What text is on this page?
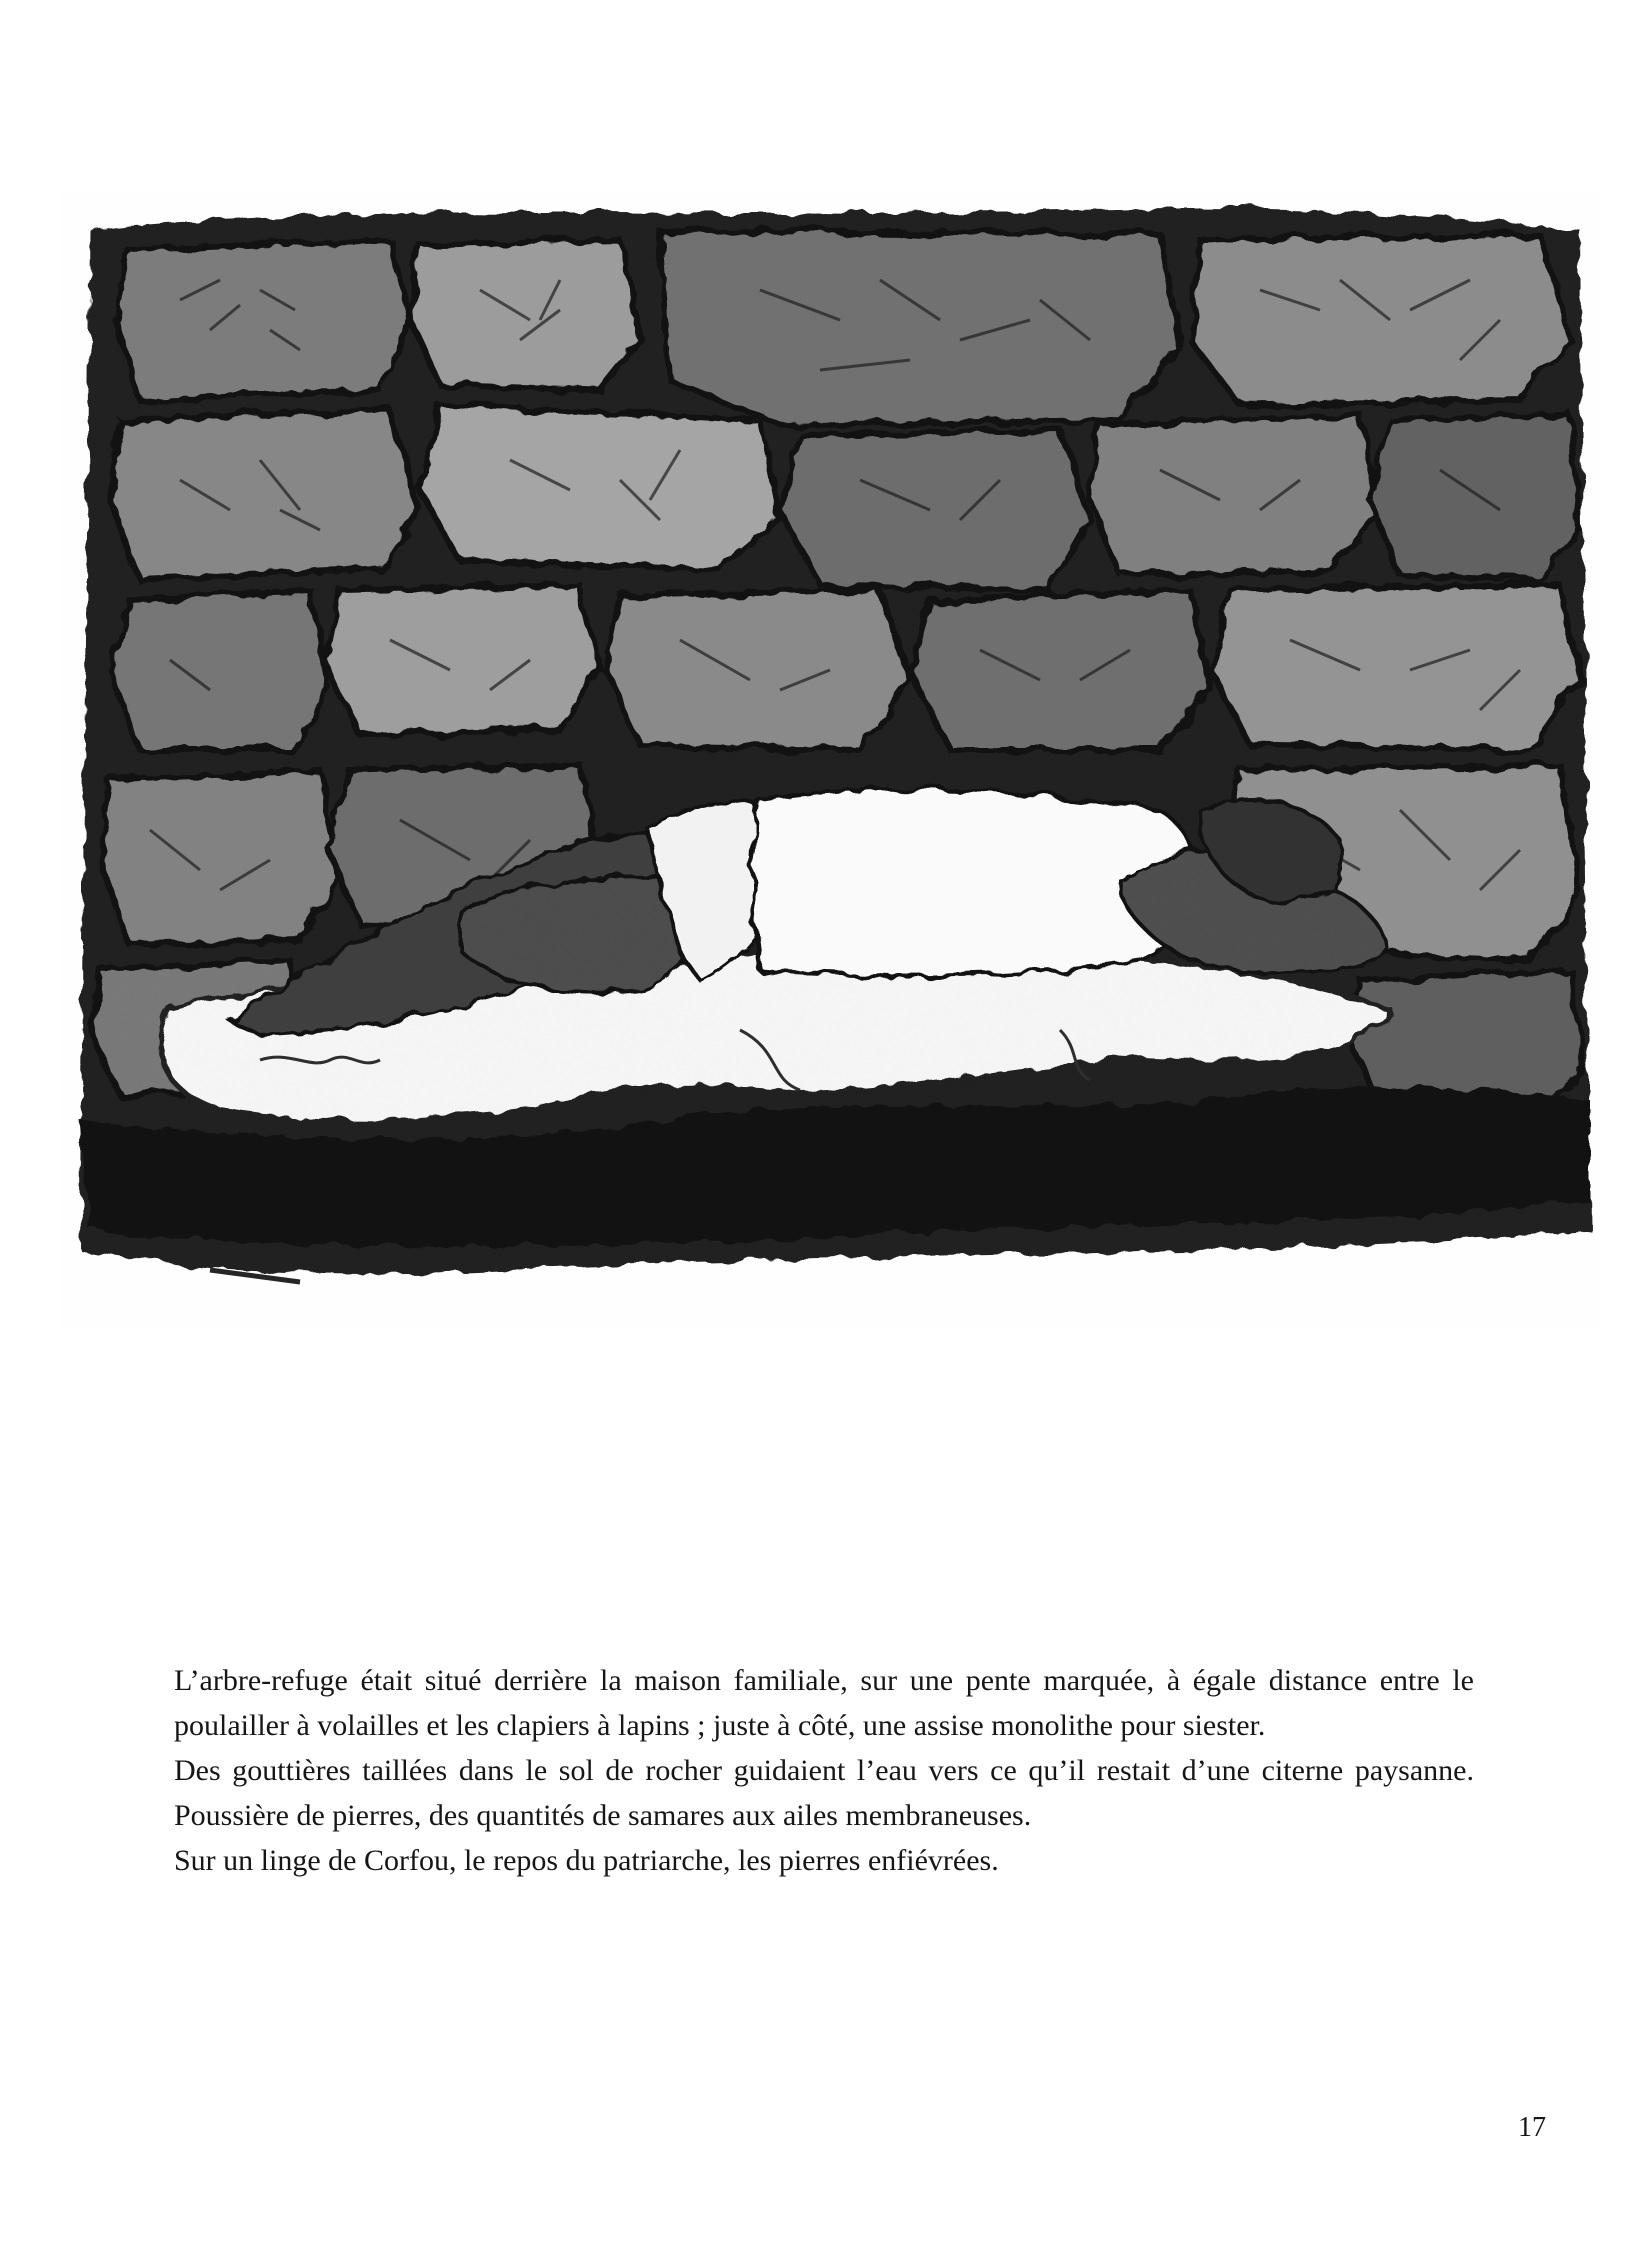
L’arbre-refuge était situé derrière la maison familiale, sur une pente marquée, à égale distance entre le poulailler à volailles et les clapiers à lapins ; juste à côté, une assise monolithe pour siester.

Des gouttières taillées dans le sol de rocher guidaient l’eau vers ce qu’il restait d’une citerne paysanne. Poussière de pierres, des quantités de samares aux ailes membraneuses.

Sur un linge de Corfou, le repos du patriarche, les pierres enfiévrées.

17
